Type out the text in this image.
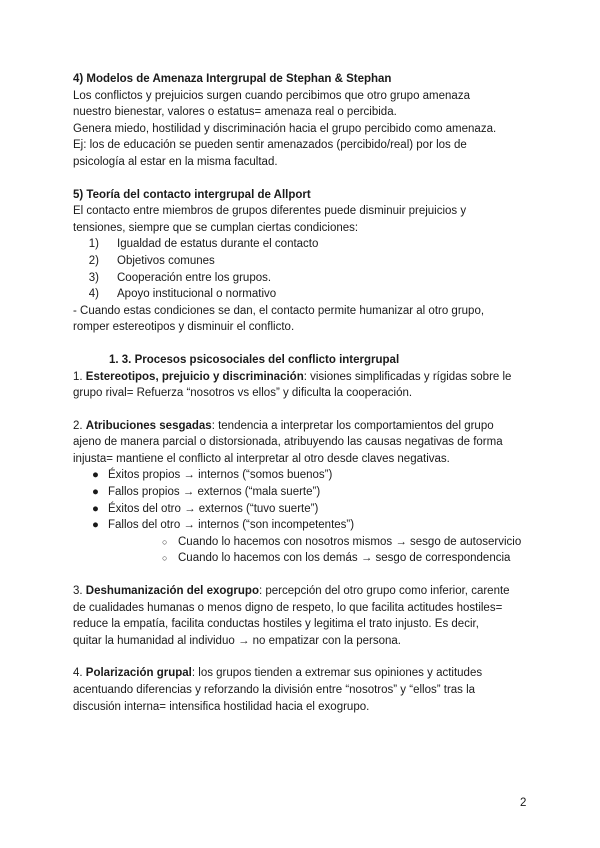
4) Modelos de Amenaza Intergrupal de Stephan & Stephan

Los conflictos y prejuicios surgen cuando percibimos que otro grupo amenaza

nuestro bienestar, valores o estatus= amenaza real o percibida.

Genera miedo, hostilidad y discriminación hacia el grupo percibido como amenaza.

Ej: los de educación se pueden sentir amenazados (percibido/real) por los de

psicología al estar en la misma facultad.

5) Teoría del contacto intergrupal de Allport

El contacto entre miembros de grupos diferentes puede disminuir prejuicios y

tensiones, siempre que se cumplan ciertas condiciones:

1) Igualdad de estatus durante el contacto
2) Objetivos comunes
3) Cooperación entre los grupos.
4) Apoyo institucional o normativo

- Cuando estas condiciones se dan, el contacto permite humanizar al otro grupo,

romper estereotipos y disminuir el conflicto.

1. 3. Procesos psicosociales del conflicto intergrupal

1. Estereotipos, prejuicio y discriminación: visiones simplificadas y rígidas sobre le

grupo rival= Refuerza “nosotros vs ellos” y dificulta la cooperación.

2. Atribuciones sesgadas: tendencia a interpretar los comportamientos del grupo

ajeno de manera parcial o distorsionada, atribuyendo las causas negativas de forma

injusta= mantiene el conflicto al interpretar al otro desde claves negativas.

● Éxitos propios → internos (“somos buenos”)
● Fallos propios → externos (“mala suerte”)
● Éxitos del otro → externos (“tuvo suerte”)
● Fallos del otro → internos (“son incompetentes”)
○ Cuando lo hacemos con nosotros mismos → sesgo de autoservicio
○ Cuando lo hacemos con los demás → sesgo de correspondencia

3. Deshumanización del exogrupo: percepción del otro grupo como inferior, carente

de cualidades humanas o menos digno de respeto, lo que facilita actitudes hostiles=

reduce la empatía, facilita conductas hostiles y legitima el trato injusto. Es decir,

quitar la humanidad al individuo → no empatizar con la persona.

4. Polarización grupal: los grupos tienden a extremar sus opiniones y actitudes

acentuando diferencias y reforzando la división entre “nosotros” y “ellos” tras la

discusión interna= intensifica hostilidad hacia el exogrupo.

2
